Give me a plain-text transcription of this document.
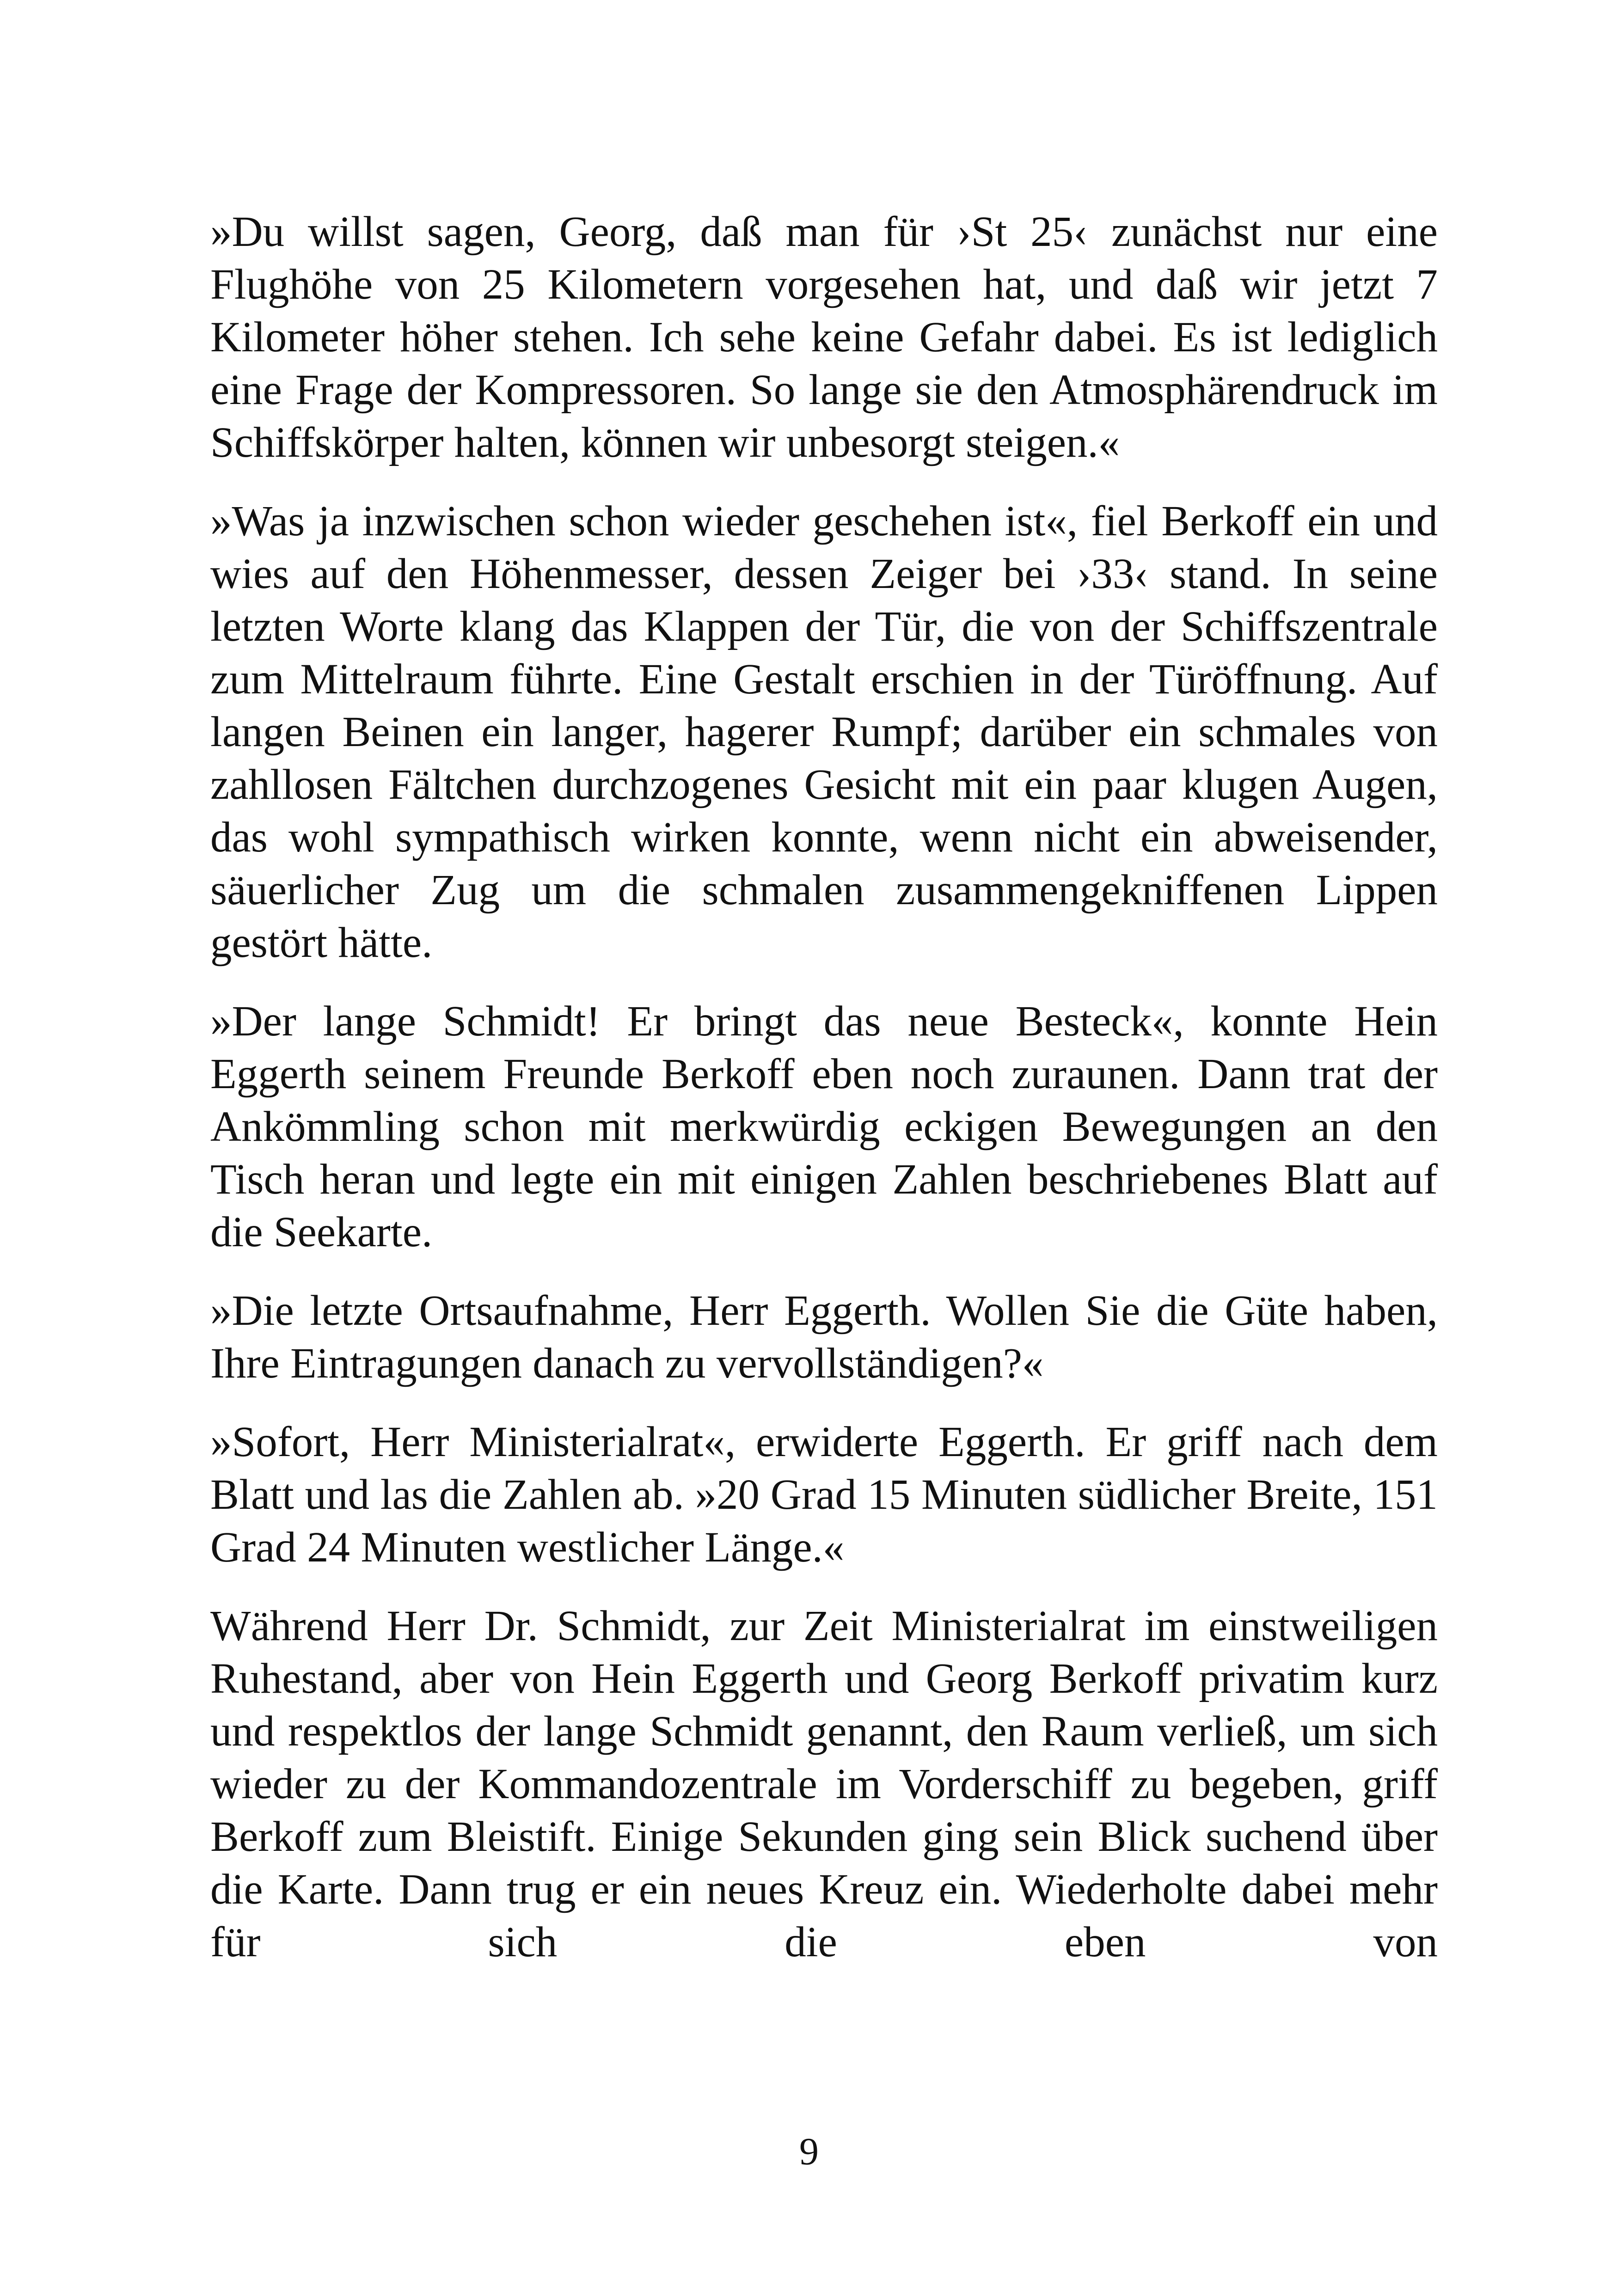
»Du willst sagen, Georg, daß man für ›St 25‹ zunächst nur eine Flughöhe von 25 Kilometern vorgesehen hat, und daß wir jetzt 7 Kilometer höher stehen. Ich sehe keine Gefahr dabei. Es ist lediglich eine Frage der Kompressoren. So lange sie den Atmosphärendruck im Schiffskörper halten, können wir unbesorgt steigen.«

»Was ja inzwischen schon wieder geschehen ist«, fiel Berkoff ein und wies auf den Höhenmesser, dessen Zeiger bei ›33‹ stand. In seine letzten Worte klang das Klappen der Tür, die von der Schiffszentrale zum Mittelraum führte. Eine Gestalt erschien in der Türöffnung. Auf langen Beinen ein langer, hagerer Rumpf; darüber ein schmales von zahllosen Fältchen durchzogenes Gesicht mit ein paar klugen Augen, das wohl sympathisch wirken konnte, wenn nicht ein abweisender, säuerlicher Zug um die schmalen zusammengekniffenen Lippen gestört hätte.

»Der lange Schmidt! Er bringt das neue Besteck«, konnte Hein Eggerth seinem Freunde Berkoff eben noch zuraunen. Dann trat der Ankömmling schon mit merkwürdig eckigen Bewegungen an den Tisch heran und legte ein mit einigen Zahlen beschriebenes Blatt auf die Seekarte.

»Die letzte Ortsaufnahme, Herr Eggerth. Wollen Sie die Güte haben, Ihre Eintragungen danach zu vervollständigen?«

»Sofort, Herr Ministerialrat«, erwiderte Eggerth. Er griff nach dem Blatt und las die Zahlen ab. »20 Grad 15 Minuten südlicher Breite, 151 Grad 24 Minuten westlicher Länge.«

Während Herr Dr. Schmidt, zur Zeit Ministerialrat im einstweiligen Ruhestand, aber von Hein Eggerth und Georg Berkoff privatim kurz und respektlos der lange Schmidt genannt, den Raum verließ, um sich wieder zu der Kommandozentrale im Vorderschiff zu begeben, griff Berkoff zum Bleistift. Einige Sekunden ging sein Blick suchend über die Karte. Dann trug er ein neues Kreuz ein. Wiederholte dabei mehr für sich die eben von

9
